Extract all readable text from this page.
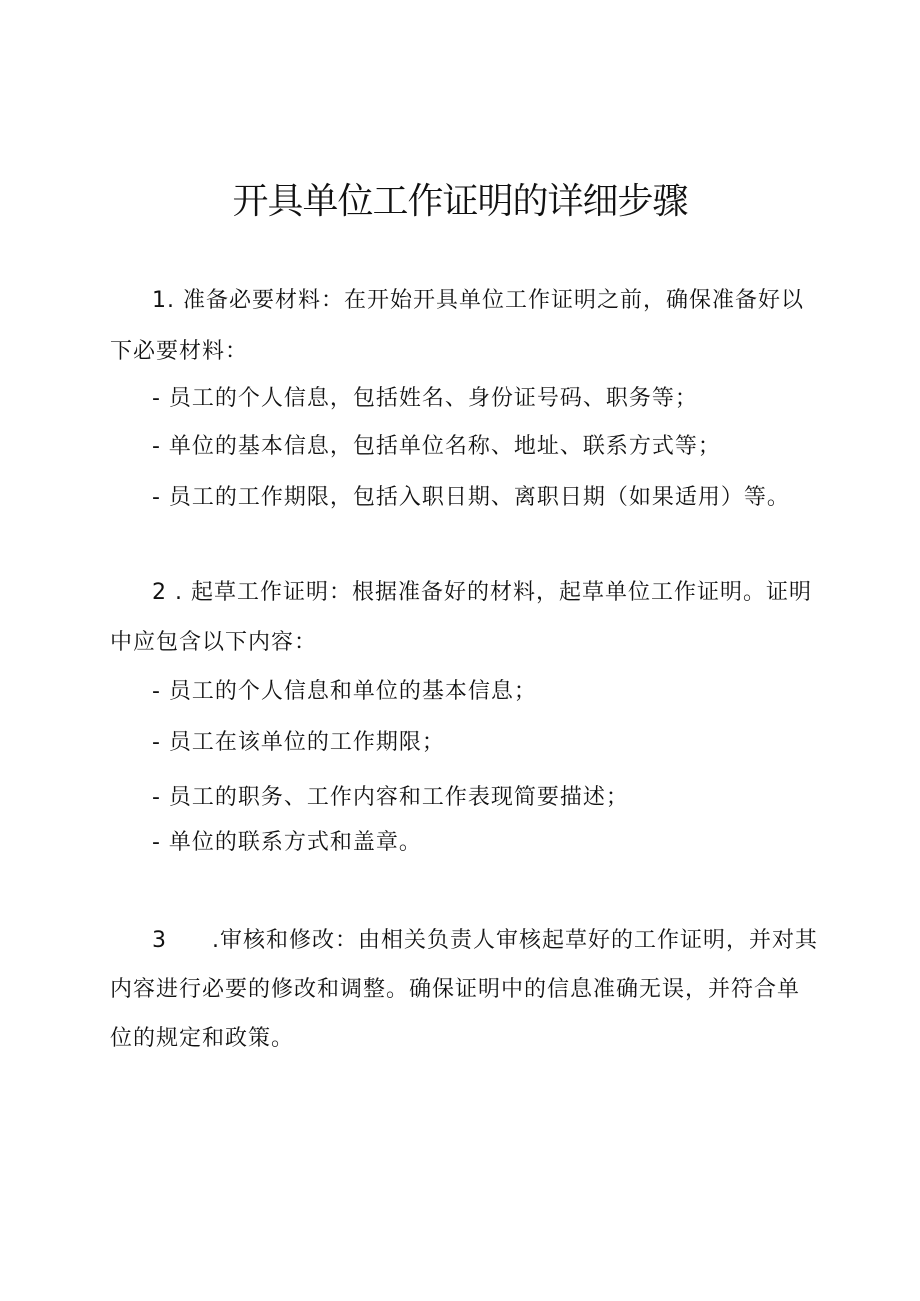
开具单位工作证明的详细步骤
1. 准备必要材料：在开始开具单位工作证明之前，确保准备好以
下必要材料：
- 员工的个人信息，包括姓名、身份证号码、职务等；
- 单位的基本信息，包括单位名称、地址、联系方式等；
- 员工的工作期限，包括入职日期、离职日期（如果适用）等。
2 . 起草工作证明：根据准备好的材料，起草单位工作证明。证明
中应包含以下内容：
- 员工的个人信息和单位的基本信息；
- 员工在该单位的工作期限；
- 员工的职务、工作内容和工作表现简要描述；
- 单位的联系方式和盖章。
3 .审核和修改：由相关负责人审核起草好的工作证明，并对其
内容进行必要的修改和调整。确保证明中的信息准确无误，并符合单
位的规定和政策。
